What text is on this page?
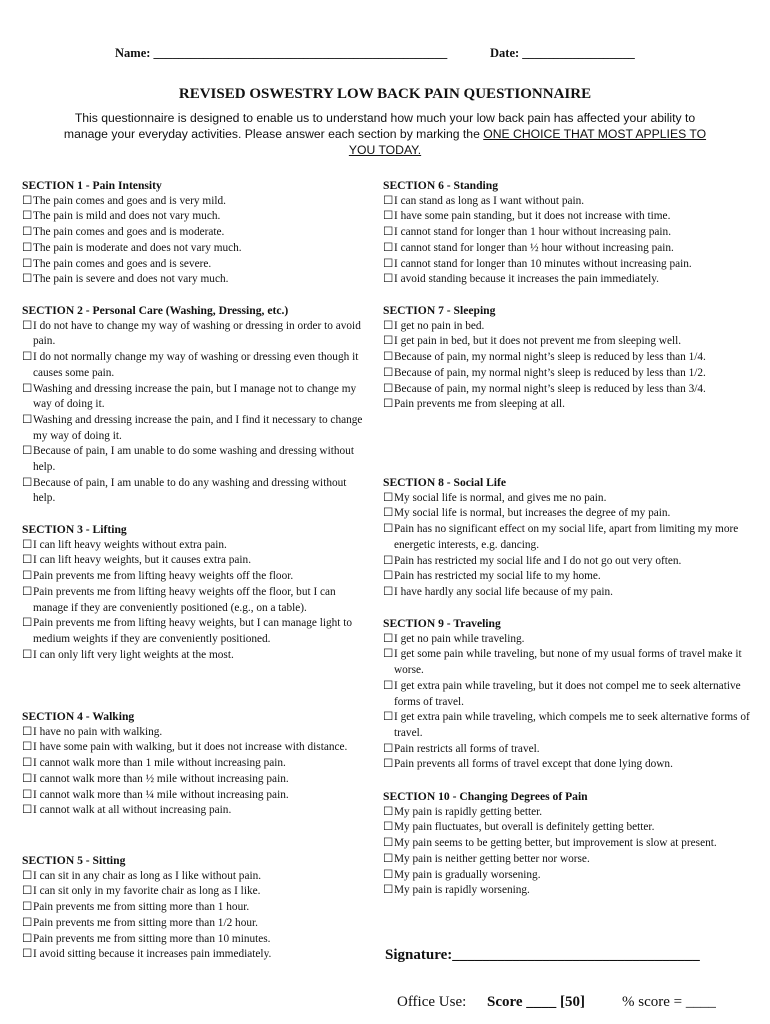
Name: _______________________________________________	Date: __________________
REVISED OSWESTRY LOW BACK PAIN QUESTIONNAIRE
This questionnaire is designed to enable us to understand how much your low back pain has affected your ability to manage your everyday activities. Please answer each section by marking the ONE CHOICE THAT MOST APPLIES TO YOU TODAY.
SECTION 1 - Pain Intensity
☐ The pain comes and goes and is very mild.
☐ The pain is mild and does not vary much.
☐ The pain comes and goes and is moderate.
☐ The pain is moderate and does not vary much.
☐ The pain comes and goes and is severe.
☐ The pain is severe and does not vary much.
SECTION 2 - Personal Care (Washing, Dressing, etc.)
☐ I do not have to change my way of washing or dressing in order to avoid pain.
☐ I do not normally change my way of washing or dressing even though it causes some pain.
☐ Washing and dressing increase the pain, but I manage not to change my way of doing it.
☐ Washing and dressing increase the pain, and I find it necessary to change my way of doing it.
☐ Because of pain, I am unable to do some washing and dressing without help.
☐ Because of pain, I am unable to do any washing and dressing without help.
SECTION 3 - Lifting
☐ I can lift heavy weights without extra pain.
☐ I can lift heavy weights, but it causes extra pain.
☐ Pain prevents me from lifting heavy weights off the floor.
☐ Pain prevents me from lifting heavy weights off the floor, but I can manage if they are conveniently positioned (e.g., on a table).
☐ Pain prevents me from lifting heavy weights, but I can manage light to medium weights if they are conveniently positioned.
☐ I can only lift very light weights at the most.
SECTION 4 - Walking
☐ I have no pain with walking.
☐ I have some pain with walking, but it does not increase with distance.
☐ I cannot walk more than 1 mile without increasing pain.
☐ I cannot walk more than ½ mile without increasing pain.
☐ I cannot walk more than ¼ mile without increasing pain.
☐ I cannot walk at all without increasing pain.
SECTION 5 - Sitting
☐ I can sit in any chair as long as I like without pain.
☐ I can sit only in my favorite chair as long as I like.
☐ Pain prevents me from sitting more than 1 hour.
☐ Pain prevents me from sitting more than 1/2 hour.
☐ Pain prevents me from sitting more than 10 minutes.
☐ I avoid sitting because it increases pain immediately.
SECTION 6 - Standing
☐ I can stand as long as I want without pain.
☐ I have some pain standing, but it does not increase with time.
☐ I cannot stand for longer than 1 hour without increasing pain.
☐ I cannot stand for longer than ½ hour without increasing pain.
☐ I cannot stand for longer than 10 minutes without increasing pain.
☐ I avoid standing because it increases the pain immediately.
SECTION 7 - Sleeping
☐ I get no pain in bed.
☐ I get pain in bed, but it does not prevent me from sleeping well.
☐ Because of pain, my normal night’s sleep is reduced by less than 1/4.
☐ Because of pain, my normal night’s sleep is reduced by less than 1/2.
☐ Because of pain, my normal night’s sleep is reduced by less than 3/4.
☐ Pain prevents me from sleeping at all.
SECTION 8 - Social Life
☐ My social life is normal, and gives me no pain.
☐ My social life is normal, but increases the degree of my pain.
☐ Pain has no significant effect on my social life, apart from limiting my more energetic interests, e.g. dancing.
☐ Pain has restricted my social life and I do not go out very often.
☐ Pain has restricted my social life to my home.
☐ I have hardly any social life because of my pain.
SECTION 9 - Traveling
☐ I get no pain while traveling.
☐ I get some pain while traveling, but none of my usual forms of travel make it worse.
☐ I get extra pain while traveling, but it does not compel me to seek alternative forms of travel.
☐ I get extra pain while traveling, which compels me to seek alternative forms of travel.
☐ Pain restricts all forms of travel.
☐ Pain prevents all forms of travel except that done lying down.
SECTION 10 - Changing Degrees of Pain
☐ My pain is rapidly getting better.
☐ My pain fluctuates, but overall is definitely getting better.
☐ My pain seems to be getting better, but improvement is slow at present.
☐ My pain is neither getting better nor worse.
☐ My pain is gradually worsening.
☐ My pain is rapidly worsening.
Signature:_________________________________
Office Use: Score ____ [50] % score = ____
